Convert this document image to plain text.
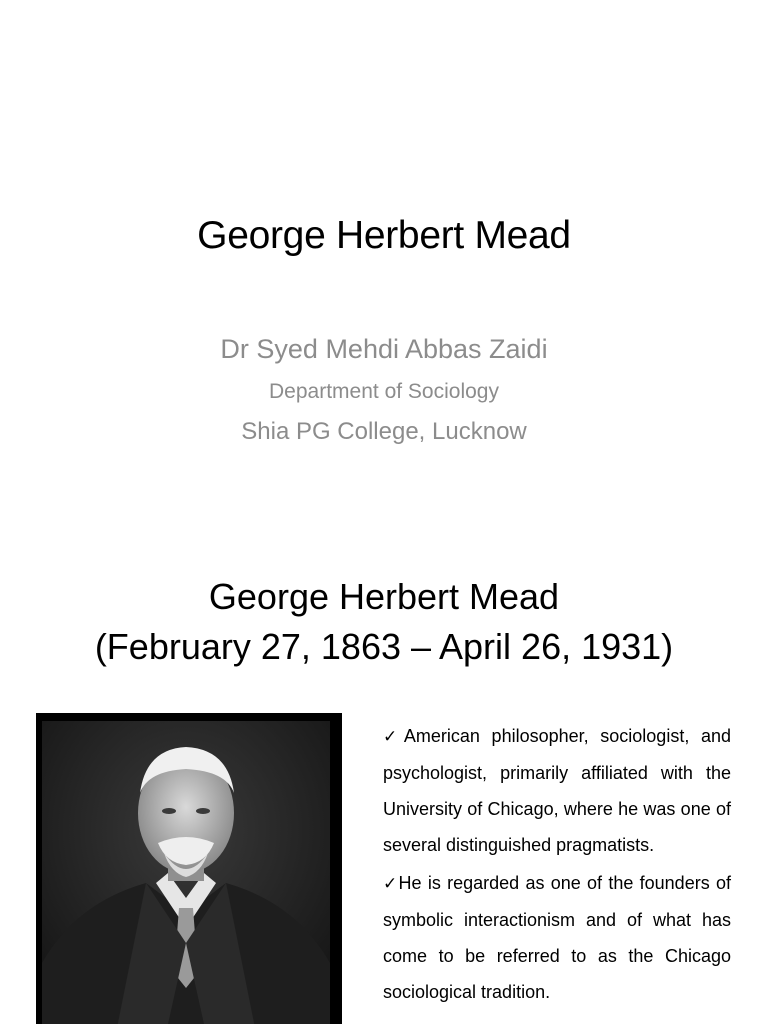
George Herbert Mead
Dr Syed Mehdi Abbas Zaidi
Department of Sociology
Shia PG College, Lucknow
George Herbert Mead
(February 27, 1863 – April 26, 1931)
✓American philosopher, sociologist, and psychologist, primarily affiliated with the University of Chicago, where he was one of several distinguished pragmatists.
✓He is regarded as one of the founders of symbolic interactionism and of what has come to be referred to as the Chicago sociological tradition.
